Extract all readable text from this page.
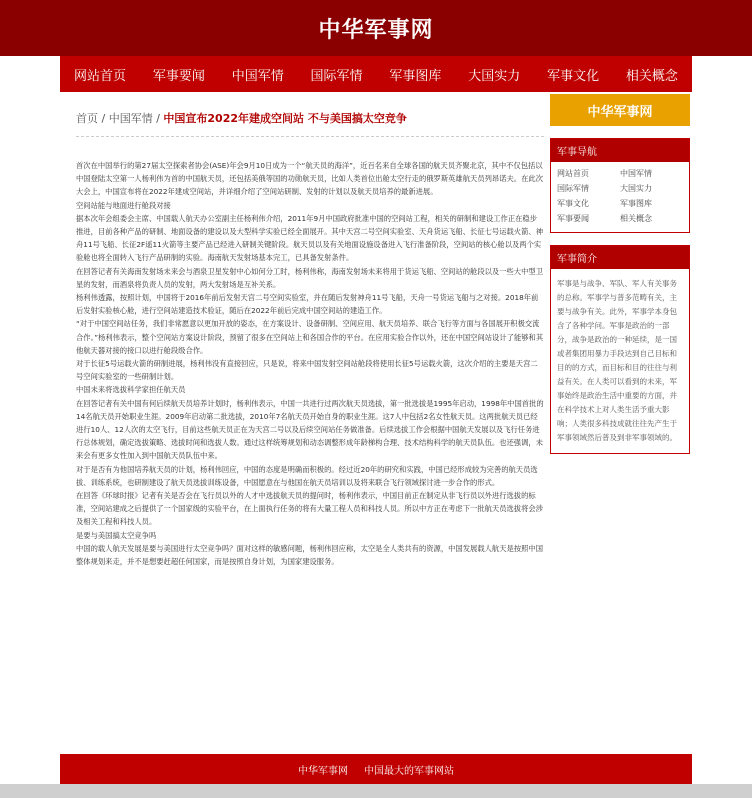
中华军事网
网站首页 军事要闻 中国军情 国际军情 军事图库 大国实力 军事文化 相关概念
首页 / 中国军情 / 中国宣布2022年建成空间站 不与美国搞太空竞争

首次在中国举行的第27届太空探索者协会(ASE)年会9月10日成为一个“航天员的海洋”，近百名来自全球各国的航天员齐聚北京，其中不仅包括以中国登陆太空第一人杨利伟为首的中国航天员，还包括美俄等国的功勋航天员，比如人类首位出舱太空行走的俄罗斯英雄航天员列昂诺夫。在此次大会上，中国宣布将在2022年建成空间站，并详细介绍了空间站研制、发射的计划以及航天员培养的最新进展。

空间站能与地面进行舱段对接

据本次年会组委会主席、中国载人航天办公室副主任杨利伟介绍，2011年9月中国政府批准中国的空间站工程，相关的研制和建设工作正在稳步推进，目前各种产品的研制、地面设备的建设以及大型科学实验已经全面展开。其中天宫二号空间实验室、天舟货运飞船、长征七号运载火箭、神舟11号飞船、长征2F遥11火箭等主要产品已经进入研制关键阶段。航天员以及有关地面设施设备进入飞行准备阶段，空间站的核心舱以及两个实验舱也将全面转入飞行产品研制的实验。海南航天发射场基本完工，已具备发射条件。

在回答记者有关海南发射场未来会与酒泉卫星发射中心如何分工时，杨利伟称，海南发射场未来将用于货运飞船、空间站的舱段以及一些大中型卫星的发射，而酒泉将负责人员的发射，两大发射场是互补关系。

杨利伟透露，按照计划，中国将于2016年前后发射天宫二号空间实验室，并在随后发射神舟11号飞船，天舟一号货运飞船与之对接。2018年前后发射实验核心舱，进行空间站建造技术验证，随后在2022年前后完成中国空间站的建造工作。

“对于中国空间站任务，我们非常愿意以更加开放的姿态，在方案设计、设备研制、空间应用、航天员培养、联合飞行等方面与各国展开积极交流合作。”杨利伟表示，整个空间站方案设计阶段，预留了很多在空间站上和各国合作的平台。在应用实验合作以外，还在中国空间站设计了能够和其他航天器对接的接口以进行舱段级合作。

对于长征5号运载火箭的研制进展，杨利伟没有直接回应，只是说，将来中国发射空间站舱段将使用长征5号运载火箭，这次介绍的主要是天宫二号空间实验室的一些研制计划。

中国未来将选拔科学家担任航天员

在回答记者有关中国有何后续航天员培养计划时，杨利伟表示，中国一共进行过两次航天员选拔，第一批选拔是1995年启动，1998年中国首批的14名航天员开始职业生涯。2009年启动第二批选拔，2010年7名航天员开始自身的职业生涯。这7人中包括2名女性航天员。这两批航天员已经进行10人、12人次的太空飞行，目前这些航天员正在为天宫二号以及后续空间站任务做准备。后续选拔工作会根据中国航天发展以及飞行任务进行总体规划，确定选拔策略、选拔时间和选拔人数。通过这样统筹规划和动态调整形成年龄梯构合理、技术结构科学的航天员队伍。也还强调，未来会有更多女性加入到中国航天员队伍中来。

对于是否有为他国培养航天员的计划，杨利伟回应，中国的态度是明确而积极的。经过近20年的研究和实践，中国已经形成较为完善的航天员选拔、训练系统，也研制建设了航天员选拔训练设备，中国愿意在与他国在航天员培训以及将来联合飞行领域探讨进一步合作的形式。

在回答《环球时报》记者有关是否会在飞行员以外的人才中选拔航天员的提问时，杨利伟表示，中国目前正在制定从非飞行员以外进行选拔的标准，空间站建成之后提供了一个国家级的实验平台，在上面执行任务的将有大量工程人员和科技人员。所以中方正在考虑下一批航天员选拔将会涉及相关工程和科技人员。

是要与美国搞太空竞争吗

中国的载人航天发展是要与美国进行太空竞争吗？面对这样的敏感问题，杨利伟回应称，太空是全人类共有的资源，中国发展载人航天是按照中国整体规划来走，并不是想要赶超任何国家，而是按照自身计划，为国家建设服务。

中华军事网
军事导航
网站首页	中国军情
国际军情	大国实力
军事文化	军事图库
军事要闻	相关概念
军事简介
军事是与战争、军队、军人有关事务的总称。军事学与普多范畴有关，主要与战争有关。此外，军事学本身包含了各种学问。军事是政治的一部分，战争是政治的一种延续，是一国或者集团用暴力手段达到自己目标和目的的方式，而目标和目的往往与利益有关。在人类可以看到的未来，军事始终是政治生活中重要的方面，并在科学技术上对人类生活予重大影响；人类很多科技成就往往先产生于军事领域然后普及到非军事领域的。
中华军事网 中国最大的军事网站
